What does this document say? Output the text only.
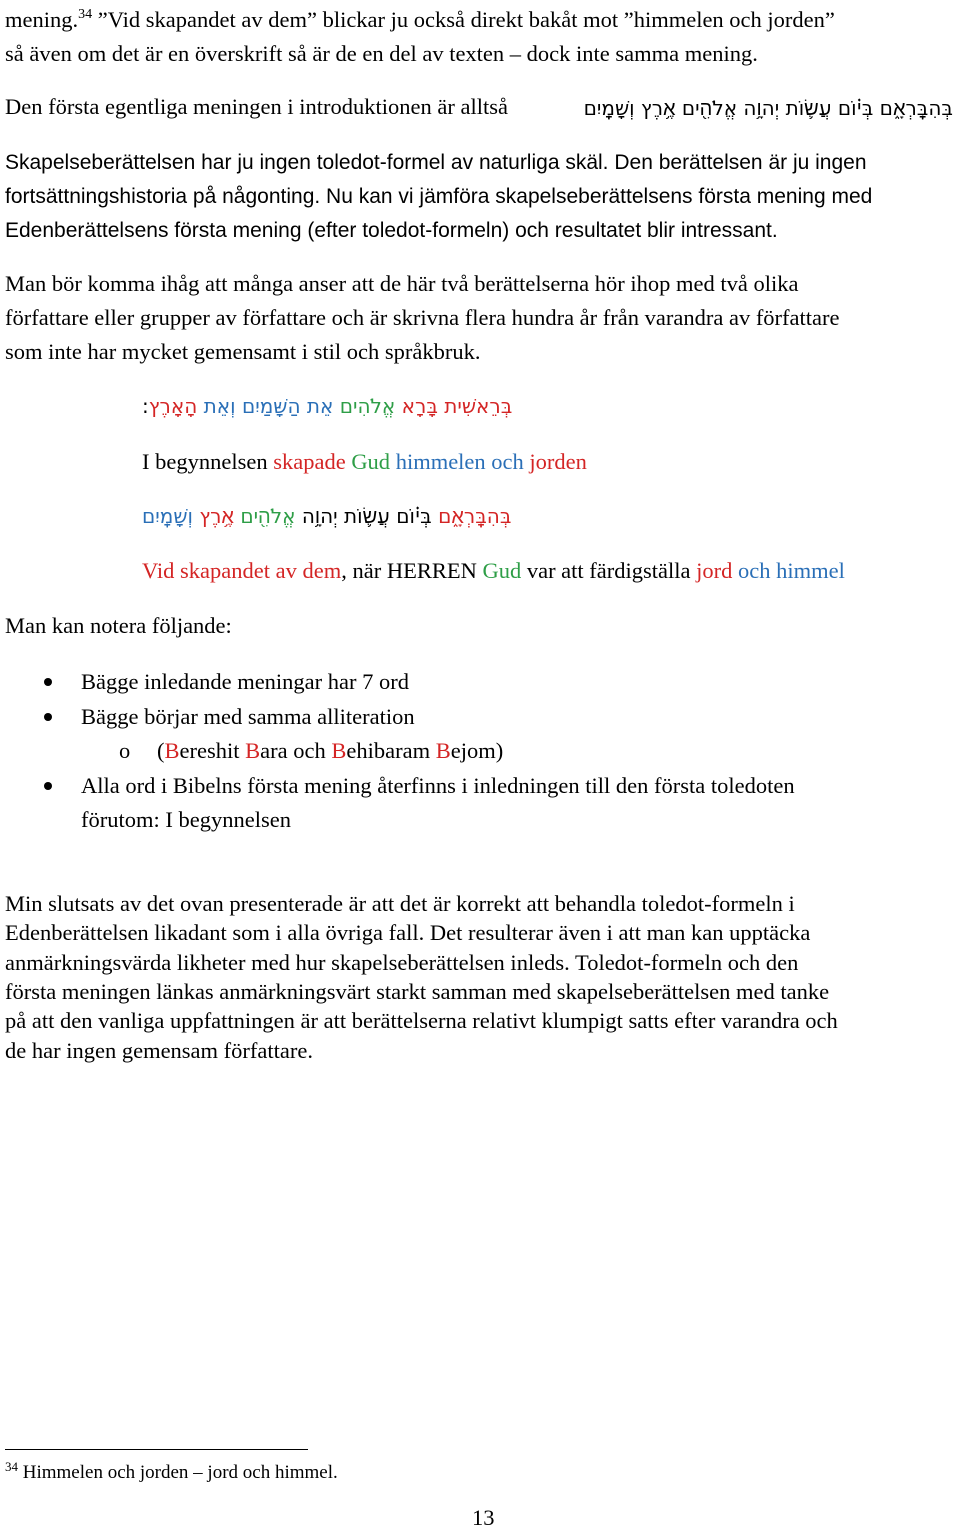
mening.$^{34}$ ”Vid skapandet av dem” blickar ju också direkt bakåt mot ”himmelen och jorden”
så även om det är en överskrift så är de en del av texten – dock inte samma mening.
Den första egentliga meningen i introduktionen är alltså	בְּהִבָּֽרְאָ֑ם בְּי֗וֹם עֲשׂ֛וֹת יְהוָ֥ה אֱלֹהִ֖ים אֶ֥רֶץ וְשָׁמָֽיִם
Skapelseberättelsen har ju ingen toledot-formel av naturliga skäl. Den berättelsen är ju ingen
fortsättningshistoria på någonting. Nu kan vi jämföra skapelseberättelsens första mening med
Edenberättelsens första mening (efter toledot-formeln) och resultatet blir intressant.
Man bör komma ihåg att många anser att de här två berättelserna hör ihop med två olika
författare eller grupper av författare och är skrivna flera hundra år från varandra av författare
som inte har mycket gemensamt i stil och språkbruk.
בְּרֵאשִׁית בָּרָא אֱלֹהִים אֵת הַשָּׁמַיִם וְאֵת הָאָרֶץ:
I begynnelsen skapade Gud himmelen och jorden
בְּהִבָּֽרְאָ֑ם בְּי֗וֹם עֲשׂ֛וֹת יְהוָ֥ה אֱלֹהִ֖ים אֶ֥רֶץ וְשָׁמָֽיִם
Vid skapandet av dem, när HERREN Gud var att färdigställa jord och himmel
Man kan notera följande:
Bägge inledande meningar har 7 ord
Bägge börjar med samma alliteration
o (Bereshit Bara och Behibaram Bejom)
Alla ord i Bibelns första mening återfinns i inledningen till den första toledoten
förutom: I begynnelsen
Min slutsats av det ovan presenterade är att det är korrekt att behandla toledot-formeln i
Edenberättelsen likadant som i alla övriga fall. Det resulterar även i att man kan upptäcka
anmärkningsvärda likheter med hur skapelseberättelsen inleds. Toledot-formeln och den
första meningen länkas anmärkningsvärt starkt samman med skapelseberättelsen med tanke
på att den vanliga uppfattningen är att berättelserna relativt klumpigt satts efter varandra och
de har ingen gemensam författare.
$^{34}$ Himmelen och jorden – jord och himmel.
13
